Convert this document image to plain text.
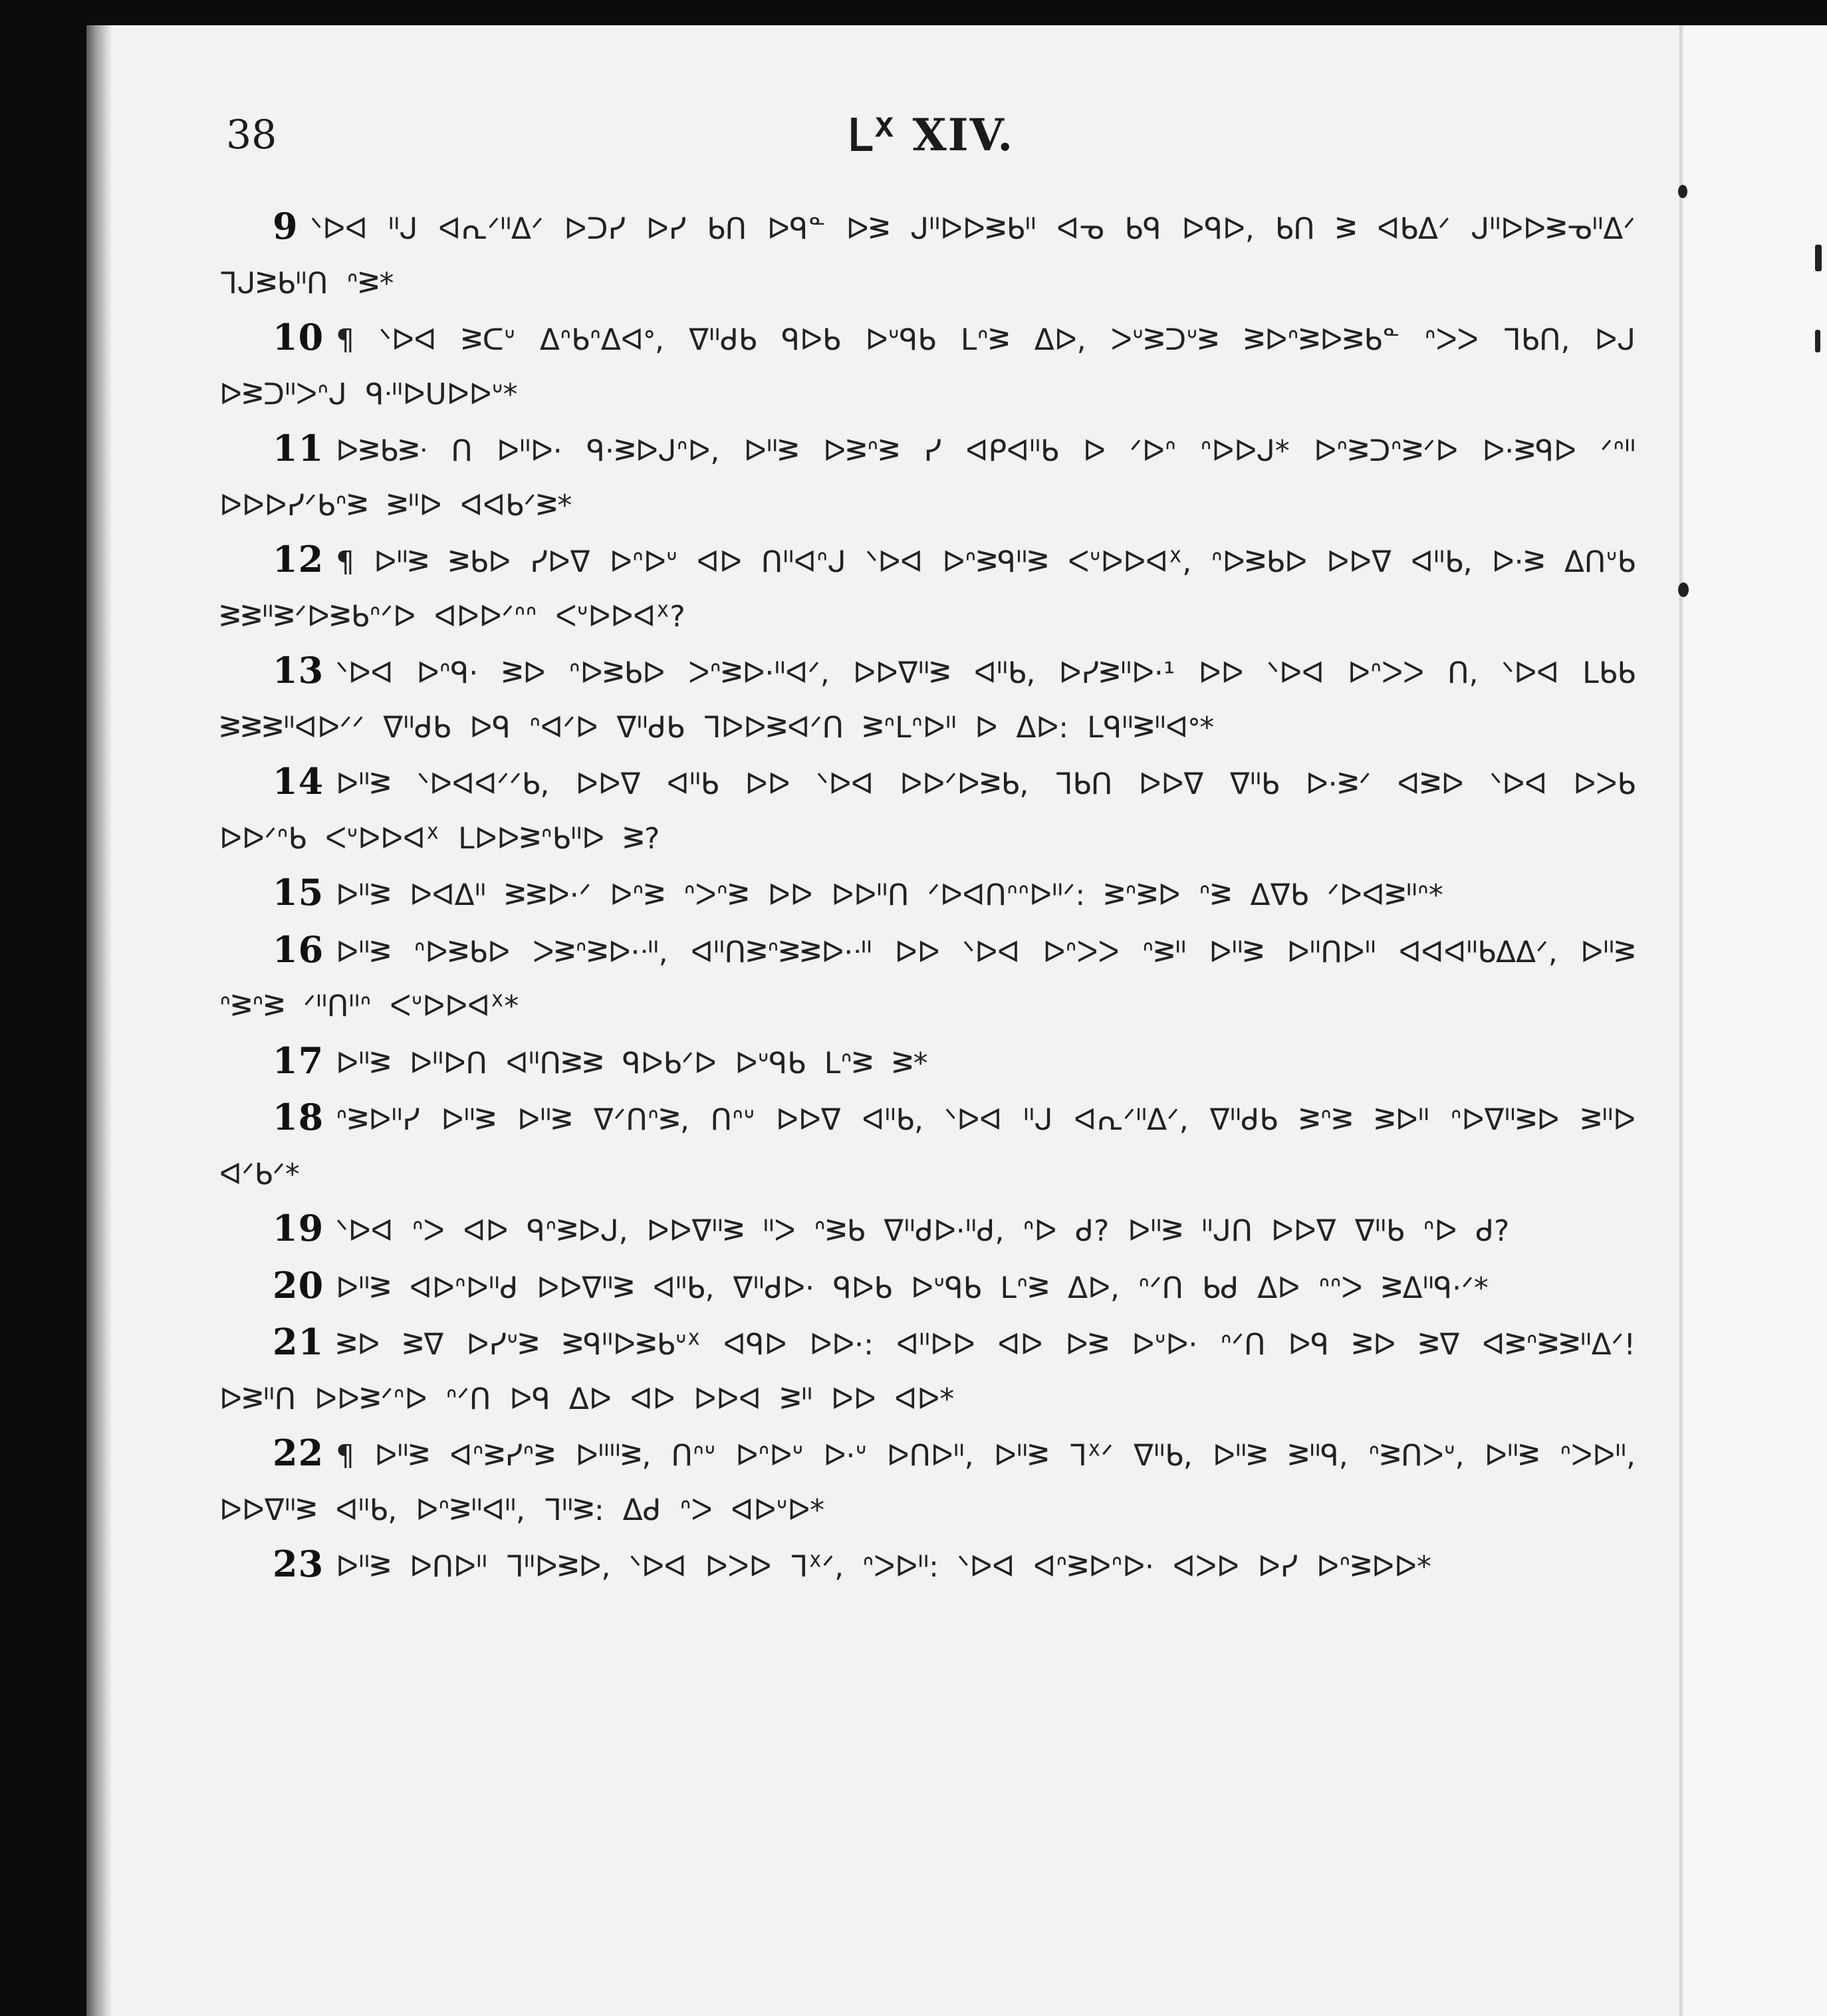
38	ᒪᕽ XIV.

9 ᐠᐅᐊ ᐦᒍ ᐊᕆᐟᐦᐃᐟ ᐅᑐᓯ ᐅᓯ ᑲᑎ ᐅᑫᓐ ᐅᕒ ᒍᐦᐅᐅᕒᑲᐦ ᐊᓀ ᑲᑫ ᐅᑫᐅ, ᑲᑎ ᕒ ᐊᑲᐃᐟ ᒍᐦᐅᐅᕒᓀᐦᐃᐟ ᒣᒍᕒᑲᐦᑎ ᐢᕒ*

10 ¶ ᐠᐅᐊ ᕒᑕᐡ ᐃᐢᑲᐢᐃᐊᐤ, ᐁᐦᑯᑲ ᑫᐅᑲ ᐅᐡᑫᑲ ᒪᐢᕒ ᐃᐅ, ᐳᐡᕒᑐᐡᕒ ᕒᐅᐢᕒᐅᕒᑲᓐ ᐢᐳᐳ ᒣᑲᑎ, ᐅᒍ ᐅᕒᑐᐦᐳᐢᒍ ᑫᐧᐦᐅᑌᐅᐅᐡ*

11 ᐅᕒᑲᕒᐧ ᑎ ᐅᐦᐅ· ᑫ·ᕒᐅᒍᐢᐅ, ᐅᐦᕒ ᐅᕒᐢᕒ ᓯ ᐊᑭᐊᐦᑲ ᐅ ᐟᐅᐢ ᐢᐅᐅᒍ* ᐅᐢᕒᑐᐢᕒᐟᐅ ᐅ·ᕒᑫᐅ ᐟᐢᐦ ᐅᐅᐅᓯᐟᑲᐢᕒ ᕒᐦᐅ ᐊᐊᑲᐟᕒ*

12 ¶ ᐅᐦᕒ ᕒᑲᐅ ᓯᐅᐁ ᐅᐢᐅᐡ ᐊᐅ ᑎᐦᐊᐢᒍ ᐠᐅᐊ ᐅᐢᕒᑫᐦᕒ ᐸᐡᐅᐅᐊᕽ, ᐢᐅᕒᑲᐅ ᐅᐅᐁ ᐊᐦᑲ, ᐅ·ᕒ ᐃᑎᐡᑲ ᕒᕒᐦᕒᐟᐅᕒᑲᐢᐟᐅ ᐊᐅᐅᐟᐢᐢ ᐸᐡᐅᐅᐊᕽ?

13 ᐠᐅᐊ ᐅᐢᑫ· ᕒᐅ ᐢᐅᕒᑲᐅ ᐳᐢᕒᐅ·ᐦᐊᐟ, ᐅᐅᐁᐦᕒ ᐊᐦᑲ, ᐅᓯᕒᐦᐅ·¹ ᐅᐅ ᐠᐅᐊ ᐅᐢᐳᐳ ᑎ, ᐠᐅᐊ ᒪᑲᑲ ᕒᕒᕒᐦᐊᐅᐟᐟ ᐁᐦᑯᑲ ᐅᑫ ᐢᐊᐟᐅ ᐁᐦᑯᑲ ᒣᐅᐅᕒᐊᐟᑎ ᕒᐢᒪᐢᐅᐦ ᐅ ᐃᐅ: ᒪᑫᐦᕒᐦᐊᐤ*

14 ᐅᐦᕒ ᐠᐅᐊᐊᐟᐟᑲ, ᐅᐅᐁ ᐊᐦᑲ ᐅᐅ ᐠᐅᐊ ᐅᐅᐟᐅᕒᑲ, ᒣᑲᑎ ᐅᐅᐁ ᐁᐦᑲ ᐅ·ᕒᐟ ᐊᕒᐅ ᐠᐅᐊ ᐅᐳᑲ ᐅᐅᐟᐢᑲ ᐸᐡᐅᐅᐊᕽ ᒪᐅᐅᕒᐢᑲᐦᐅ ᕒ?

15 ᐅᐦᕒ ᐅᐊᐃᐦ ᕒᕒᐅ·ᐟ ᐅᐢᕒ ᐢᐳᐢᕒ ᐅᐅ ᐅᐅᐦᑎ ᐟᐅᐊᑎᐢᐢᐅᐦᐟ: ᕒᐢᕒᐅ ᐢᕒ ᐃᐁᑲ ᐟᐅᐊᕒᐦᐢ*

16 ᐅᐦᕒ ᐢᐅᕒᑲᐅ ᐳᕒᐢᕒᐅ·ᐧᐦ, ᐊᐦᑎᕒᐢᕒᕒᐅ·ᐧᐦ ᐅᐅ ᐠᐅᐊ ᐅᐢᐳᐳ ᐢᕒᐦ ᐅᐦᕒ ᐅᐦᑎᐅᐦ ᐊᐊᐊᐦᑲᐃᐃᐟ, ᐅᐦᕒ ᐢᕒᐢᕒ ᐟᐦᑎᐦᐢ ᐸᐡᐅᐅᐊᕽ*

17 ᐅᐦᕒ ᐅᐦᐅᑎ ᐊᐦᑎᕒᕒ ᑫᐅᑲᐟᐅ ᐅᐡᑫᑲ ᒪᐢᕒ ᕒ*

18 ᐢᕒᐅᐦᓯ ᐅᐦᕒ ᐅᐦᕒ ᐁᐟᑎᐢᕒ, ᑎᐢᐡ ᐅᐅᐁ ᐊᐦᑲ, ᐠᐅᐊ ᐦᒍ ᐊᕆᐟᐦᐃᐟ, ᐁᐦᑯᑲ ᕒᐢᕒ ᕒᐅᐦ ᐢᐅᐁᐦᕒᐅ ᕒᐦᐅ ᐊᐟᑲᐟ*

19 ᐠᐅᐊ ᐢᐳ ᐊᐅ ᑫᐢᕒᐅᒍ, ᐅᐅᐁᐦᕒ ᐦᐳ ᐢᕒᑲ ᐁᐦᑯᐅ·ᐦᑯ, ᐢᐅ ᑯ? ᐅᐦᕒ ᐦᒍᑎ ᐅᐅᐁ ᐁᐦᑲ ᐢᐅ ᑯ?

20 ᐅᐦᕒ ᐊᐅᐢᐅᐦᑯ ᐅᐅᐁᐦᕒ ᐊᐦᑲ, ᐁᐦᑯᐅ· ᑫᐅᑲ ᐅᐡᑫᑲ ᒪᐢᕒ ᐃᐅ, ᐢᐟᑎ ᑲᑯ ᐃᐅ ᐢᐢᐳ ᕒᐃᐦᑫ·ᐟ*

21 ᕒᐅ ᕒᐁ ᐅᓯᐡᕒ ᕒᑫᐦᐅᕒᑲᐡᕽ ᐊᑫᐅ ᐅᐅ·: ᐊᐦᐅᐅ ᐊᐅ ᐅᕒ ᐅᐡᐅ· ᐢᐟᑎ ᐅᑫ ᕒᐅ ᕒᐁ ᐊᕒᐢᕒᕒᐦᐃᐟ! ᐅᕒᐦᑎ ᐅᐅᕒᐟᐢᐅ ᐢᐟᑎ ᐅᑫ ᐃᐅ ᐊᐅ ᐅᐅᐊ ᕒᐦ ᐅᐅ ᐊᐅ*

22 ¶ ᐅᐦᕒ ᐊᐢᕒᓯᐢᕒ ᐅᐦᐦᕒ, ᑎᐢᐡ ᐅᐢᐅᐡ ᐅ·ᐡ ᐅᑎᐅᐦ, ᐅᐦᕒ ᒣᕽᐟ ᐁᐦᑲ, ᐅᐦᕒ ᕒᐦᑫ, ᐢᕒᑎᐳᐡ, ᐅᐦᕒ ᐢᐳᐅᐦ, ᐅᐅᐁᐦᕒ ᐊᐦᑲ, ᐅᐢᕒᐦᐊᐦ, ᒣᐦᕒ: ᐃᑯ ᐢᐳ ᐊᐅᐡᐅ*

23 ᐅᐦᕒ ᐅᑎᐅᐦ ᒣᐦᐅᕒᐅ, ᐠᐅᐊ ᐅᐳᐅ ᒣᕽᐟ, ᐢᐳᐅᐦ: ᐠᐅᐊ ᐊᐢᕒᐅᐢᐅ· ᐊᐳᐅ ᐅᓯ ᐅᐢᕒᐅᐅ*
